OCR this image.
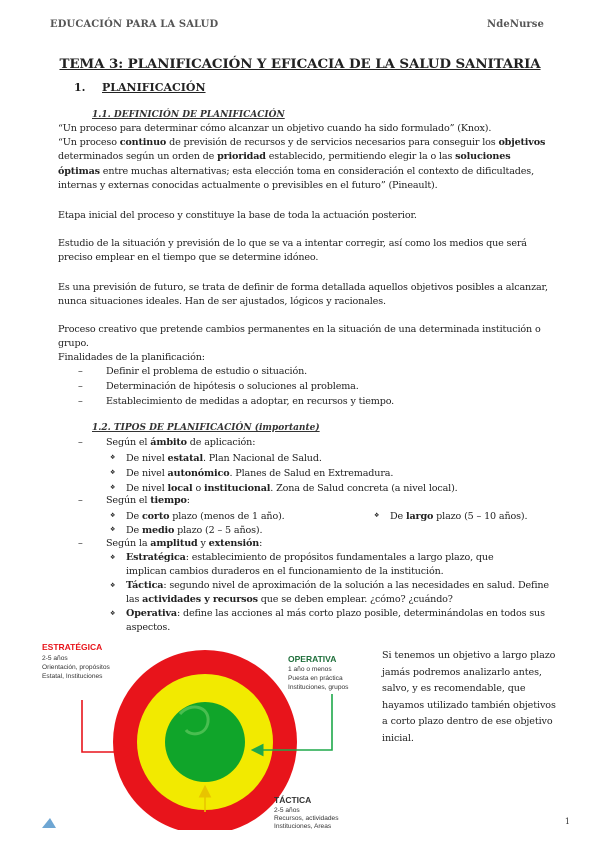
EDUCACIÓN PARA LA SALUD	NdeNurse
TEMA 3: PLANIFICACIÓN Y EFICACIA DE LA SALUD SANITARIA
1. PLANIFICACIÓN
1.1. DEFINICIÓN DE PLANIFICACIÓN
“Un proceso para determinar cómo alcanzar un objetivo cuando ha sido formulado” (Knox).
“Un proceso continuo de previsión de recursos y de servicios necesarios para conseguir los objetivos determinados según un orden de prioridad establecido, permitiendo elegir la o las soluciones óptimas entre muchas alternativas; esta elección toma en consideración el contexto de dificultades, internas y externas conocidas actualmente o previsibles en el futuro” (Pineault).
Etapa inicial del proceso y constituye la base de toda la actuación posterior.
Estudio de la situación y previsión de lo que se va a intentar corregir, así como los medios que será preciso emplear en el tiempo que se determine idóneo.
Es una previsión de futuro, se trata de definir de forma detallada aquellos objetivos posibles a alcanzar, nunca situaciones ideales. Han de ser ajustados, lógicos y racionales.
Proceso creativo que pretende cambios permanentes en la situación de una determinada institución o grupo.
Finalidades de la planificación:
– Definir el problema de estudio o situación.
– Determinación de hipótesis o soluciones al problema.
– Establecimiento de medidas a adoptar, en recursos y tiempo.
1.2. TIPOS DE PLANIFICACIÓN (importante)
– Según el ámbito de aplicación:
❖ De nivel estatal. Plan Nacional de Salud.
❖ De nivel autonómico. Planes de Salud en Extremadura.
❖ De nivel local o institucional. Zona de Salud concreta (a nivel local).
– Según el tiempo:
❖ De corto plazo (menos de 1 año).	❖ De largo plazo (5 – 10 años).
❖ De medio plazo (2 – 5 años).
– Según la amplitud y extensión:
❖ Estratégica: establecimiento de propósitos fundamentales a largo plazo, que implican cambios duraderos en el funcionamiento de la institución.
❖ Táctica: segundo nivel de aproximación de la solución a las necesidades en salud. Define las actividades y recursos que se deben emplear. ¿cómo? ¿cuándo?
❖ Operativa: define las acciones al más corto plazo posible, determinándolas en todos sus aspectos.
ESTRATÉGICA
2-5 años
Orientación, propósitos
Estatal, Instituciones
OPERATIVA
1 año o menos
Puesta en práctica
Instituciones, grupos
TÁCTICA
2-5 años
Recursos, actividades
Instituciones, Areas
Si tenemos un objetivo a largo plazo jamás podremos analizarlo antes, salvo, y es recomendable, que hayamos utilizado también objetivos a corto plazo dentro de ese objetivo inicial.
1
